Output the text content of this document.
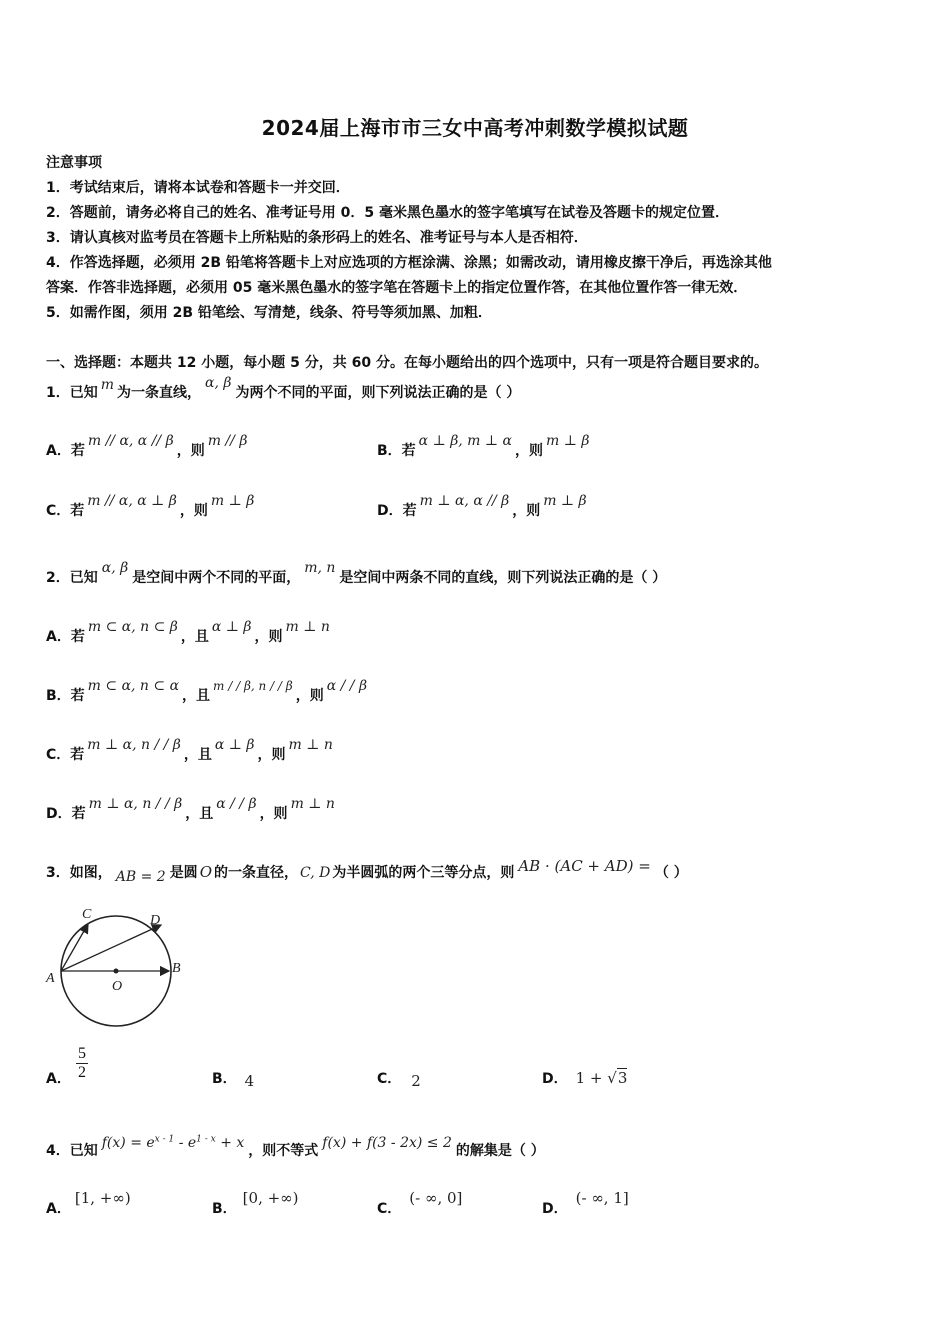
2024届上海市市三女中高考冲刺数学模拟试题
注意事项
1．考试结束后，请将本试卷和答题卡一并交回．
2．答题前，请务必将自己的姓名、准考证号用 0．5 毫米黑色墨水的签字笔填写在试卷及答题卡的规定位置．
3．请认真核对监考员在答题卡上所粘贴的条形码上的姓名、准考证号与本人是否相符．
4．作答选择题，必须用 2B 铅笔将答题卡上对应选项的方框涂满、涂黑；如需改动，请用橡皮擦干净后，再选涂其他
答案．作答非选择题，必须用 05 毫米黑色墨水的签字笔在答题卡上的指定位置作答，在其他位置作答一律无效．
5．如需作图，须用 2B 铅笔绘、写清楚，线条、符号等须加黑、加粗．
一、选择题：本题共 12 小题，每小题 5 分，共 60 分。在每小题给出的四个选项中，只有一项是符合题目要求的。
1．已知 m 为一条直线，α, β为两个不同的平面，则下列说法正确的是（ ）
A．若m // α, α // β，则m // β
B．若α ⊥ β, m ⊥ α，则m ⊥ β
C．若m // α, α ⊥ β，则m ⊥ β
D．若m ⊥ α, α // β，则m ⊥ β
2．已知α, β是空间中两个不同的平面，m, n是空间中两条不同的直线，则下列说法正确的是（ ）
A．若m ⊂ α, n ⊂ β，且α ⊥ β，则m ⊥ n
B．若m ⊂ α, n ⊂ α，且m / / β, n / / β，则α / / β
C．若m ⊥ α, n / / β，且α ⊥ β，则m ⊥ n
D．若m ⊥ α, n / / β，且α / / β，则m ⊥ n
3．如图， AB = 2 是圆 O 的一条直径， C, D 为半圆弧的两个三等分点，则 AB · (AC + AD) = （ ）
A
B
C	D
O
A． $\frac{5}{2}$	B． 4	C． 2	D． 1 + √3
4．已知 $f(x) = e^{x - 1} - e^{1 - x} + x$ ，则不等式 f(x) + f(3 - 2x) ≤ 2 的解集是（ ）
A．[1, +∞)
B．[0, +∞)
C．(- ∞, 0]
D．(- ∞, 1]
